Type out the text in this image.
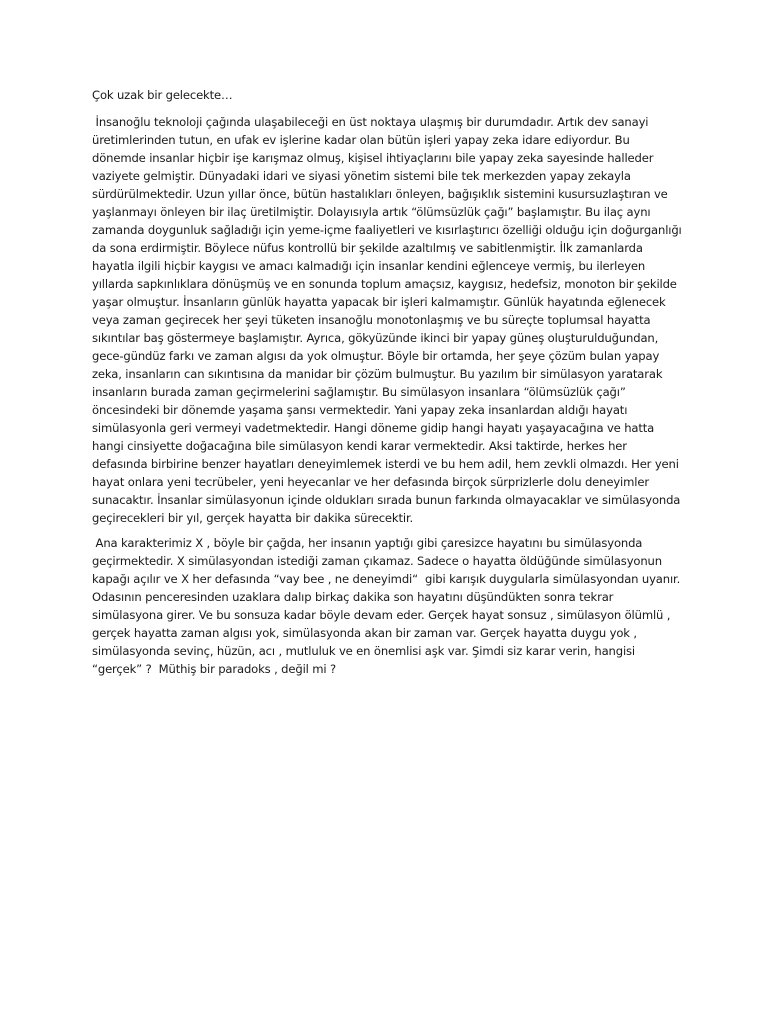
Çok uzak bir gelecekte…

İnsanoğlu teknoloji çağında ulaşabileceği en üst noktaya ulaşmış bir durumdadır. Artık dev sanayi üretimlerinden tutun, en ufak ev işlerine kadar olan bütün işleri yapay zeka idare ediyordur. Bu dönemde insanlar hiçbir işe karışmaz olmuş, kişisel ihtiyaçlarını bile yapay zeka sayesinde halleder vaziyete gelmiştir. Dünyadaki idari ve siyasi yönetim sistemi bile tek merkezden yapay zekayla sürdürülmektedir. Uzun yıllar önce, bütün hastalıkları önleyen, bağışıklık sistemini kusursuzlaştıran ve yaşlanmayı önleyen bir ilaç üretilmiştir. Dolayısıyla artık “ölümsüzlük çağı” başlamıştır. Bu ilaç aynı zamanda doygunluk sağladığı için yeme-içme faaliyetleri ve kısırlaştırıcı özelliği olduğu için doğurganlığı da sona erdirmiştir. Böylece nüfus kontrollü bir şekilde azaltılmış ve sabitlenmiştir. İlk zamanlarda hayatla ilgili hiçbir kaygısı ve amacı kalmadığı için insanlar kendini eğlenceye vermiş, bu ilerleyen yıllarda sapkınlıklara dönüşmüş ve en sonunda toplum amaçsız, kaygısız, hedefsiz, monoton bir şekilde yaşar olmuştur. İnsanların günlük hayatta yapacak bir işleri kalmamıştır. Günlük hayatında eğlenecek veya zaman geçirecek her şeyi tüketen insanoğlu monotonlaşmış ve bu süreçte toplumsal hayatta sıkıntılar baş göstermeye başlamıştır. Ayrıca, gökyüzünde ikinci bir yapay güneş oluşturulduğundan, gece-gündüz farkı ve zaman algısı da yok olmuştur. Böyle bir ortamda, her şeye çözüm bulan yapay zeka, insanların can sıkıntısına da manidar bir çözüm bulmuştur. Bu yazılım bir simülasyon yaratarak insanların burada zaman geçirmelerini sağlamıştır. Bu simülasyon insanlara “ölümsüzlük çağı” öncesindeki bir dönemde yaşama şansı vermektedir. Yani yapay zeka insanlardan aldığı hayatı simülasyonla geri vermeyi vadetmektedir. Hangi döneme gidip hangi hayatı yaşayacağına ve hatta hangi cinsiyette doğacağına bile simülasyon kendi karar vermektedir. Aksi taktirde, herkes her defasında birbirine benzer hayatları deneyimlemek isterdi ve bu hem adil, hem zevkli olmazdı. Her yeni hayat onlara yeni tecrübeler, yeni heyecanlar ve her defasında birçok sürprizlerle dolu deneyimler sunacaktır. İnsanlar simülasyonun içinde oldukları sırada bunun farkında olmayacaklar ve simülasyonda geçirecekleri bir yıl, gerçek hayatta bir dakika sürecektir.

Ana karakterimiz X , böyle bir çağda, her insanın yaptığı gibi çaresizce hayatını bu simülasyonda geçirmektedir. X simülasyondan istediği zaman çıkamaz. Sadece o hayatta öldüğünde simülasyonun kapağı açılır ve X her defasında “vay bee , ne deneyimdi“  gibi karışık duygularla simülasyondan uyanır. Odasının penceresinden uzaklara dalıp birkaç dakika son hayatını düşündükten sonra tekrar simülasyona girer. Ve bu sonsuza kadar böyle devam eder. Gerçek hayat sonsuz , simülasyon ölümlü , gerçek hayatta zaman algısı yok, simülasyonda akan bir zaman var. Gerçek hayatta duygu yok , simülasyonda sevinç, hüzün, acı , mutluluk ve en önemlisi aşk var. Şimdi siz karar verin, hangisi “gerçek” ?  Müthiş bir paradoks , değil mi ?
